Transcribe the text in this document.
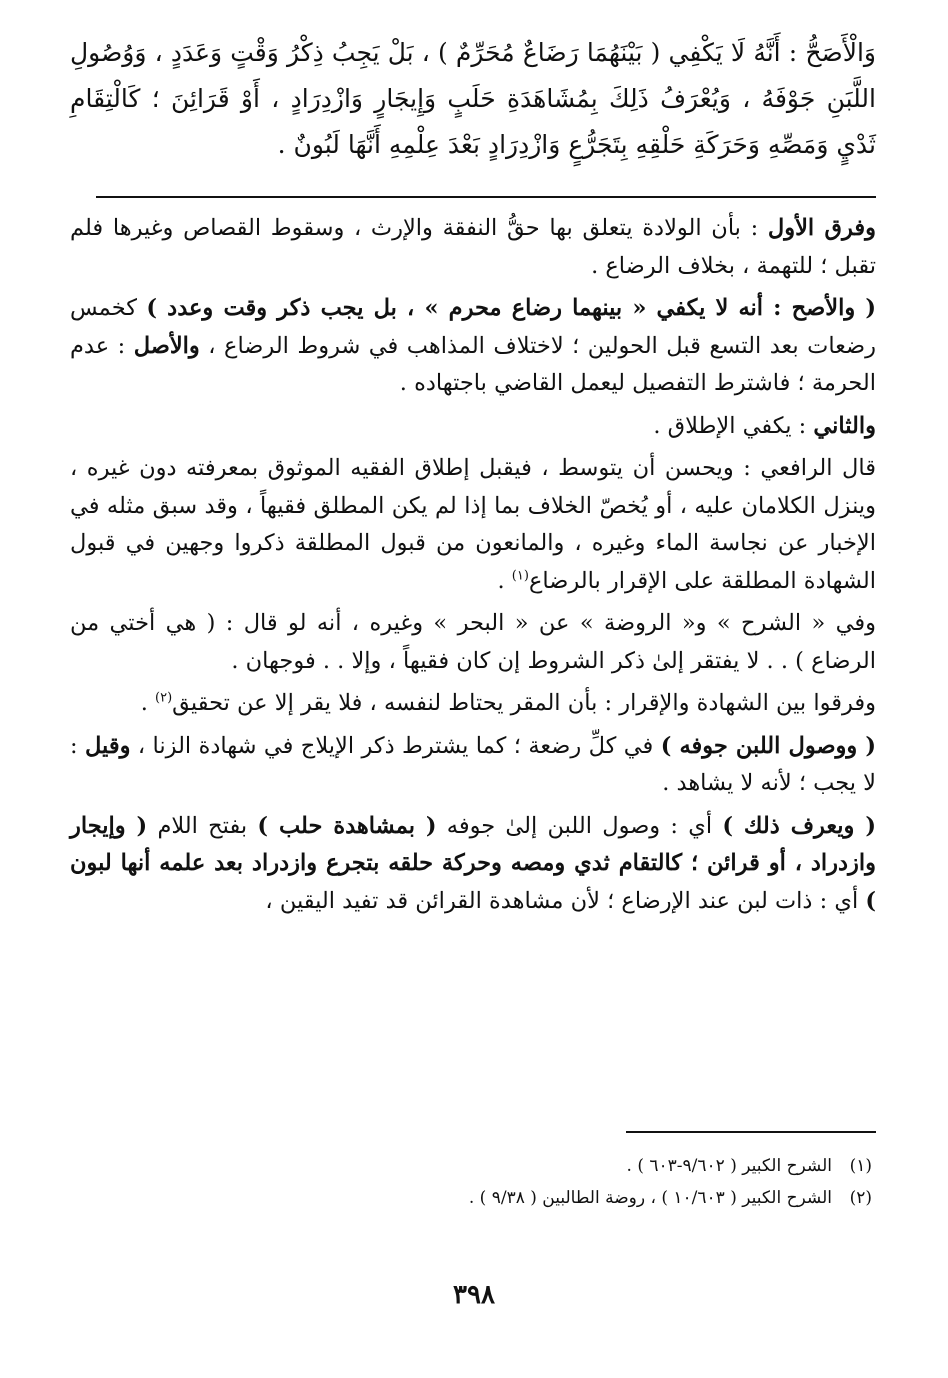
وَالْأَصَحُّ : أَنَّهُ لَا يَكْفِي ( بَيْنَهُمَا رَضَاعٌ مُحَرِّمٌ ) ، بَلْ يَجِبُ ذِكْرُ وَقْتٍ وَعَدَدٍ ، وَوُصُولِ اللَّبَنِ جَوْفَهُ ، وَيُعْرَفُ ذَلِكَ بِمُشَاهَدَةِ حَلَبٍ وَإِيجَارٍ وَازْدِرَادٍ ، أَوْ قَرَائِنَ ؛ كَالْتِقَامِ ثَدْيٍ وَمَصِّهِ وَحَرَكَةِ حَلْقِهِ بِتَجَرُّعٍ وَازْدِرَادٍ بَعْدَ عِلْمِهِ أَنَّهَا لَبُونٌ .

وفرق الأول : بأن الولادة يتعلق بها حقُّ النفقة والإرث ، وسقوط القصاص وغيرها فلم تقبل ؛ للتهمة ، بخلاف الرضاع .

( والأصح : أنه لا يكفي « بينهما رضاع محرم » ، بل يجب ذكر وقت وعدد ) كخمس رضعات بعد التسع قبل الحولين ؛ لاختلاف المذاهب في شروط الرضاع ، والأصل : عدم الحرمة ؛ فاشترط التفصيل ليعمل القاضي باجتهاده .

والثاني : يكفي الإطلاق .

قال الرافعي : ويحسن أن يتوسط ، فيقبل إطلاق الفقيه الموثوق بمعرفته دون غيره ، وينزل الكلامان عليه ، أو يُخصّ الخلاف بما إذا لم يكن المطلق فقيهاً ، وقد سبق مثله في الإخبار عن نجاسة الماء وغيره ، والمانعون من قبول المطلقة ذكروا وجهين في قبول الشهادة المطلقة على الإقرار بالرضاع$^{(١)}$ .

وفي « الشرح » و« الروضة » عن « البحر » وغيره ، أنه لو قال : ( هي أختي من الرضاع ) . . لا يفتقر إلىٰ ذكر الشروط إن كان فقيهاً ، وإلا . . فوجهان .

وفرقوا بين الشهادة والإقرار : بأن المقر يحتاط لنفسه ، فلا يقر إلا عن تحقيق$^{(٢)}$ .

( ووصول اللبن جوفه ) في كلِّ رضعة ؛ كما يشترط ذكر الإيلاج في شهادة الزنا ، وقيل : لا يجب ؛ لأنه لا يشاهد .

( ويعرف ذلك ) أي : وصول اللبن إلىٰ جوفه ( بمشاهدة حلب ) بفتح اللام ( وإيجار وازدراد ، أو قرائن ؛ كالتقام ثدي ومصه وحركة حلقه بتجرع وازدراد بعد علمه أنها لبون ) أي : ذات لبن عند الإرضاع ؛ لأن مشاهدة القرائن قد تفيد اليقين ،

(١)الشرح الكبير ( ٩/٦٠٢-٦٠٣ ) .

(٢)الشرح الكبير ( ١٠/٦٠٣ ) ، روضة الطالبين ( ٩/٣٨ ) .

٣٩٨
